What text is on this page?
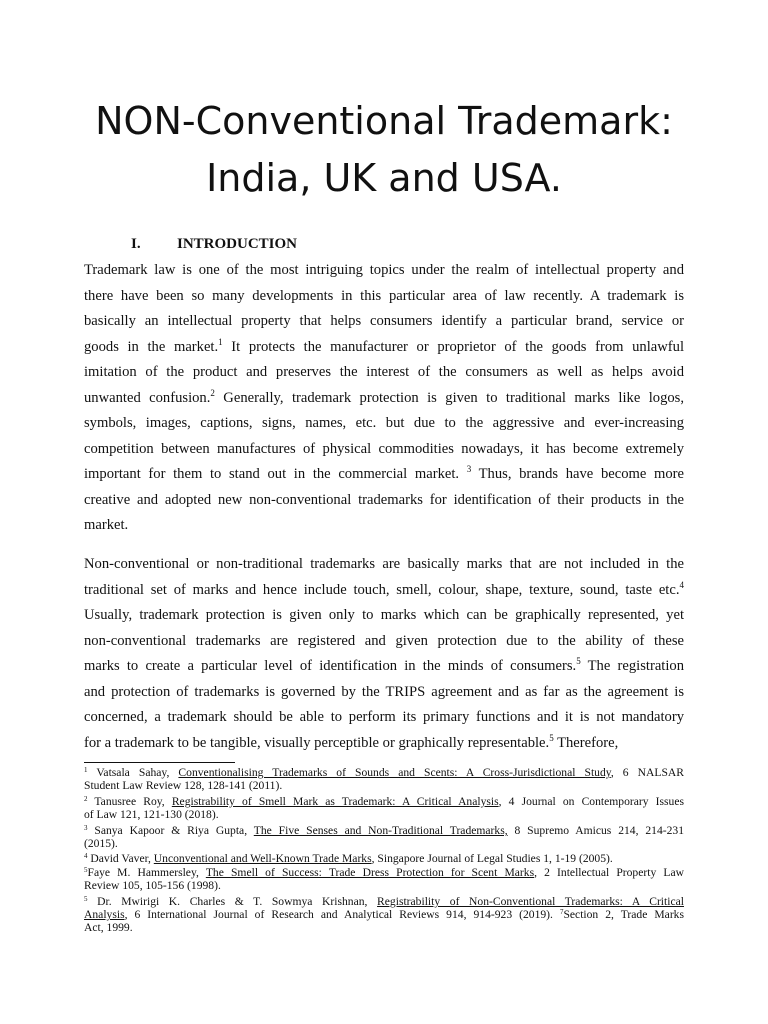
NON-Conventional Trademark:
India, UK and USA.
I. INTRODUCTION
Trademark law is one of the most intriguing topics under the realm of intellectual property and
there have been so many developments in this particular area of law recently. A trademark is
basically an intellectual property that helps consumers identify a particular brand, service or
goods in the market.$^1$ It protects the manufacturer or proprietor of the goods from unlawful
imitation of the product and preserves the interest of the consumers as well as helps avoid
unwanted confusion.$^2$ Generally, trademark protection is given to traditional marks like logos,
symbols, images, captions, signs, names, etc. but due to the aggressive and ever-increasing
competition between manufactures of physical commodities nowadays, it has become extremely
important for them to stand out in the commercial market. $^3$ Thus, brands have become more
creative and adopted new non-conventional trademarks for identification of their products in the
market.
Non-conventional or non-traditional trademarks are basically marks that are not included in the
traditional set of marks and hence include touch, smell, colour, shape, texture, sound, taste etc.$^4$
Usually, trademark protection is given only to marks which can be graphically represented, yet
non-conventional trademarks are registered and given protection due to the ability of these
marks to create a particular level of identification in the minds of consumers.$^5$ The registration
and protection of trademarks is governed by the TRIPS agreement and as far as the agreement is
concerned, a trademark should be able to perform its primary functions and it is not mandatory
for a trademark to be tangible, visually perceptible or graphically representable.$^5$ Therefore,
$^1$ Vatsala Sahay, Conventionalising Trademarks of Sounds and Scents: A Cross-Jurisdictional Study, 6 NALSAR
Student Law Review 128, 128-141 (2011).
$^2$ Tanusree Roy, Registrability of Smell Mark as Trademark: A Critical Analysis, 4 Journal on Contemporary Issues
of Law 121, 121-130 (2018).
$^3$ Sanya Kapoor & Riya Gupta, The Five Senses and Non-Traditional Trademarks, 8 Supremo Amicus 214, 214-231
(2015).
$^4$ David Vaver, Unconventional and Well-Known Trade Marks, Singapore Journal of Legal Studies 1, 1-19 (2005).
$^5$Faye M. Hammersley, The Smell of Success: Trade Dress Protection for Scent Marks, 2 Intellectual Property Law
Review 105, 105-156 (1998).
$^5$ Dr. Mwirigi K. Charles & T. Sowmya Krishnan, Registrability of Non-Conventional Trademarks: A Critical
Analysis, 6 International Journal of Research and Analytical Reviews 914, 914-923 (2019). $^7$Section 2, Trade Marks
Act, 1999.
